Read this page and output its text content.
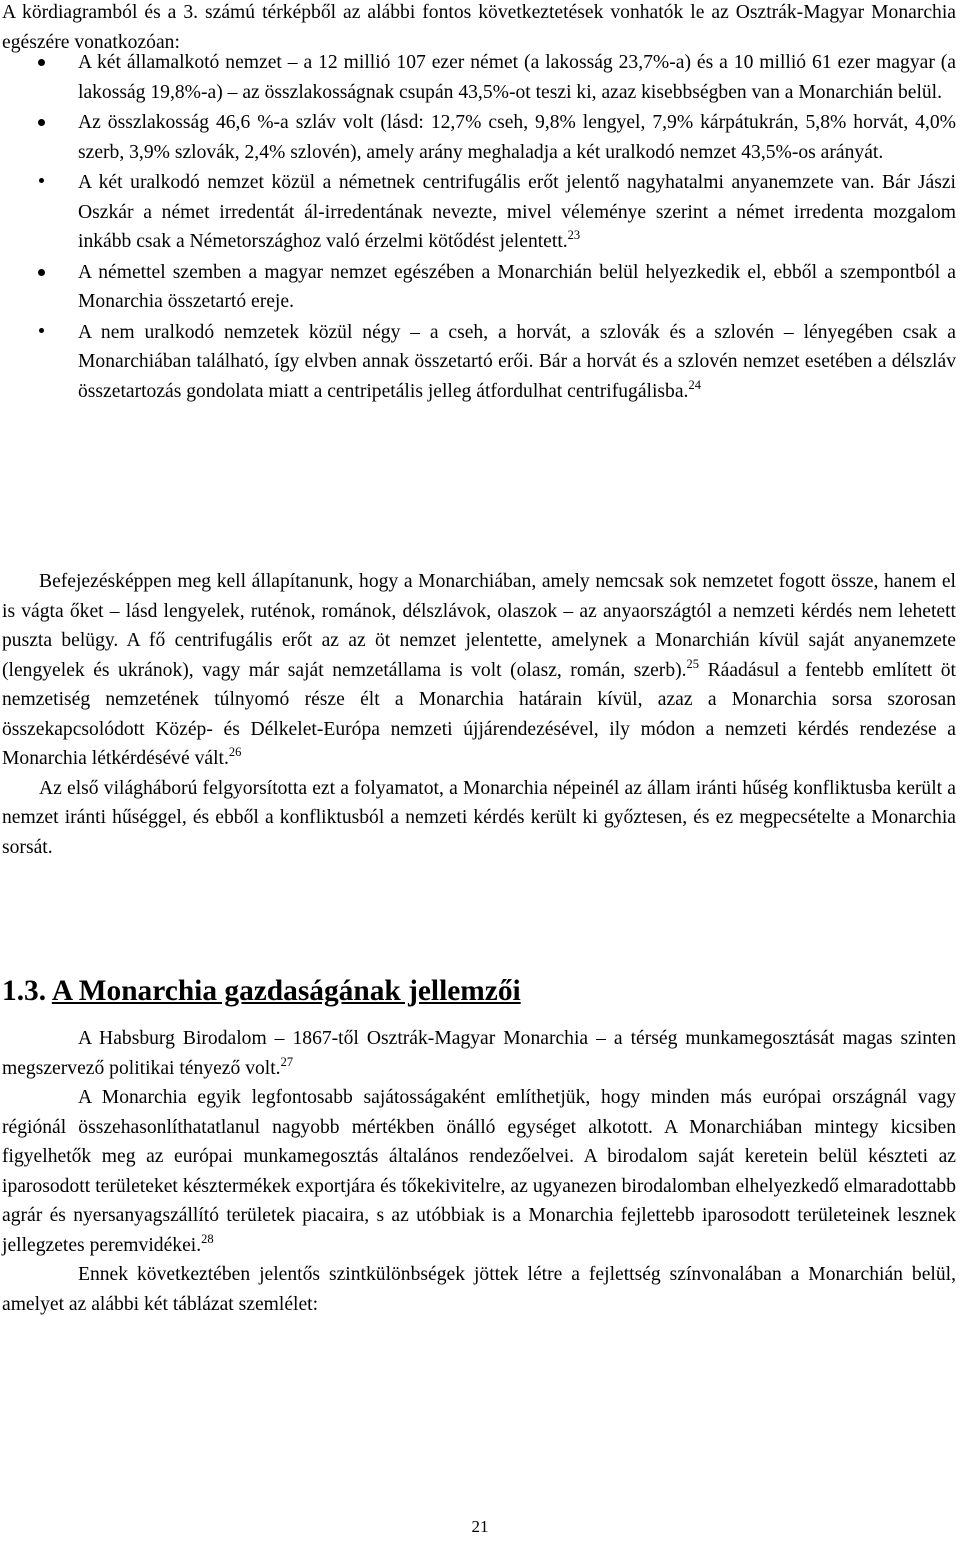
A kördiagramból és a 3. számú térképből az alábbi fontos következtetések vonhatók le az Osztrák-Magyar Monarchia egészére vonatkozóan:

A két államalkotó nemzet – a 12 millió 107 ezer német (a lakosság 23,7%-a) és a 10 millió 61 ezer magyar (a lakosság 19,8%-a) – az összlakosságnak csupán 43,5%-ot teszi ki, azaz kisebbségben van a Monarchián belül.
Az összlakosság 46,6 %-a szláv volt (lásd: 12,7% cseh, 9,8% lengyel, 7,9% kárpátukrán, 5,8% horvát, 4,0% szerb, 3,9% szlovák, 2,4% szlovén), amely arány meghaladja a két uralkodó nemzet 43,5%-os arányát.
A két uralkodó nemzet közül a németnek centrifugális erőt jelentő nagyhatalmi anyanemzete van. Bár Jászi Oszkár a német irredentát ál-irredentának nevezte, mivel véleménye szerint a német irredenta mozgalom inkább csak a Németországhoz való érzelmi kötődést jelentett.$^{23}$
A némettel szemben a magyar nemzet egészében a Monarchián belül helyezkedik el, ebből a szempontból a Monarchia összetartó ereje.
A nem uralkodó nemzetek közül négy – a cseh, a horvát, a szlovák és a szlovén – lényegében csak a Monarchiában található, így elvben annak összetartó erői. Bár a horvát és a szlovén nemzet esetében a délszláv összetartozás gondolata miatt a centripetális jelleg átfordulhat centrifugálisba.$^{24}$

Befejezésképpen meg kell állapítanunk, hogy a Monarchiában, amely nemcsak sok nemzetet fogott össze, hanem el is vágta őket – lásd lengyelek, ruténok, románok, délszlávok, olaszok – az anyaországtól a nemzeti kérdés nem lehetett puszta belügy. A fő centrifugális erőt az az öt nemzet jelentette, amelynek a Monarchián kívül saját anyanemzete (lengyelek és ukránok), vagy már saját nemzetállama is volt (olasz, román, szerb).$^{25}$ Ráadásul a fentebb említett öt nemzetiség nemzetének túlnyomó része élt a Monarchia határain kívül, azaz a Monarchia sorsa szorosan összekapcsolódott Közép- és Délkelet-Európa nemzeti újjárendezésével, ily módon a nemzeti kérdés rendezése a Monarchia létkérdésévé vált.$^{26}$

Az első világháború felgyorsította ezt a folyamatot, a Monarchia népeinél az állam iránti hűség konfliktusba került a nemzet iránti hűséggel, és ebből a konfliktusból a nemzeti kérdés került ki győztesen, és ez megpecsételte a Monarchia sorsát.

1.3. A Monarchia gazdaságának jellemzői

A Habsburg Birodalom – 1867-től Osztrák-Magyar Monarchia – a térség munkamegosztását magas szinten megszervező politikai tényező volt.$^{27}$

A Monarchia egyik legfontosabb sajátosságaként említhetjük, hogy minden más európai országnál vagy régiónál összehasonlíthatatlanul nagyobb mértékben önálló egységet alkotott. A Monarchiában mintegy kicsiben figyelhetők meg az európai munkamegosztás általános rendezőelvei. A birodalom saját keretein belül készteti az iparosodott területeket késztermékek exportjára és tőkekivitelre, az ugyanezen birodalomban elhelyezkedő elmaradottabb agrár és nyersanyagszállító területek piacaira, s az utóbbiak is a Monarchia fejlettebb iparosodott területeinek lesznek jellegzetes peremvidékei.$^{28}$

Ennek következtében jelentős szintkülönbségek jöttek létre a fejlettség színvonalában a Monarchián belül, amelyet az alábbi két táblázat szemlélet:

21
